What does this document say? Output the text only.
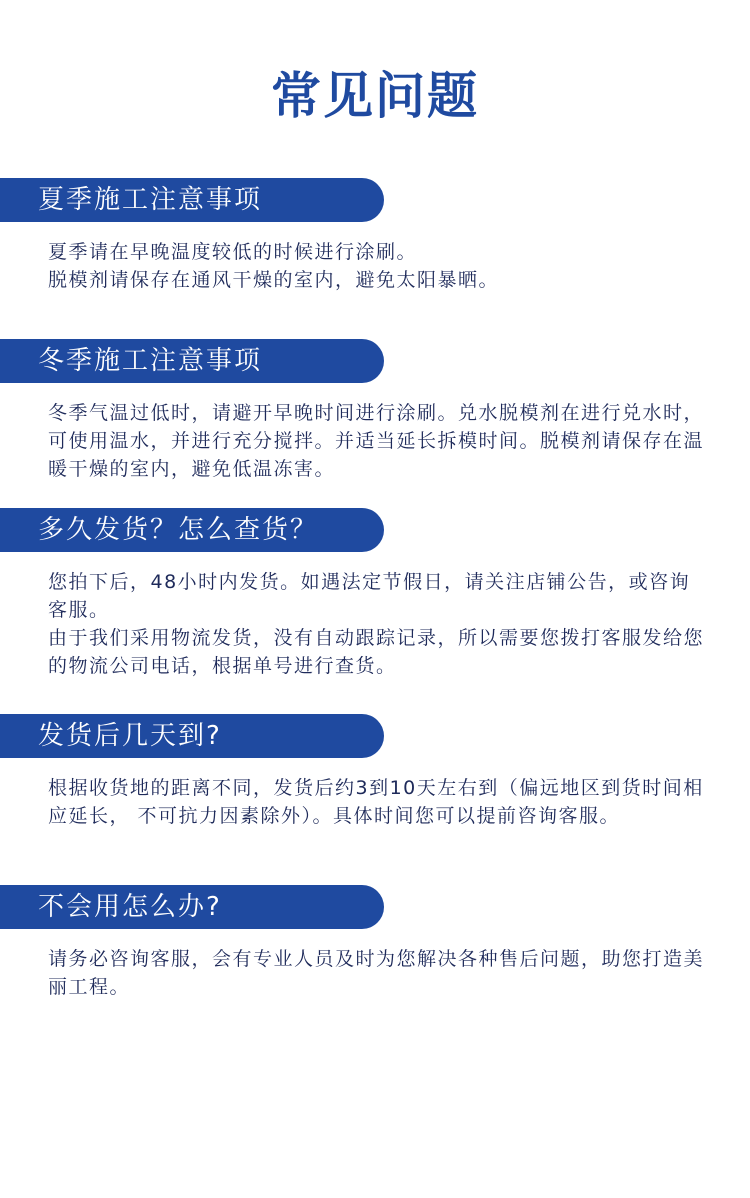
常见问题
夏季施工注意事项

夏季请在早晚温度较低的时候进行涂刷。

脱模剂请保存在通风干燥的室内，避免太阳暴晒。

冬季施工注意事项

冬季气温过低时，请避开早晚时间进行涂刷。兑水脱模剂在进行兑水时，可使用温水，并进行充分搅拌。并适当延长拆模时间。脱模剂请保存在温暖干燥的室内，避免低温冻害。

多久发货？怎么查货？

您拍下后，48小时内发货。如遇法定节假日，请关注店铺公告，或咨询客服。

由于我们采用物流发货，没有自动跟踪记录，所以需要您拨打客服发给您的物流公司电话，根据单号进行查货。

发货后几天到?

根据收货地的距离不同，发货后约3到10天左右到（偏远地区到货时间相应延长， 不可抗力因素除外）。具体时间您可以提前咨询客服。

不会用怎么办?

请务必咨询客服，会有专业人员及时为您解决各种售后问题，助您打造美丽工程。
